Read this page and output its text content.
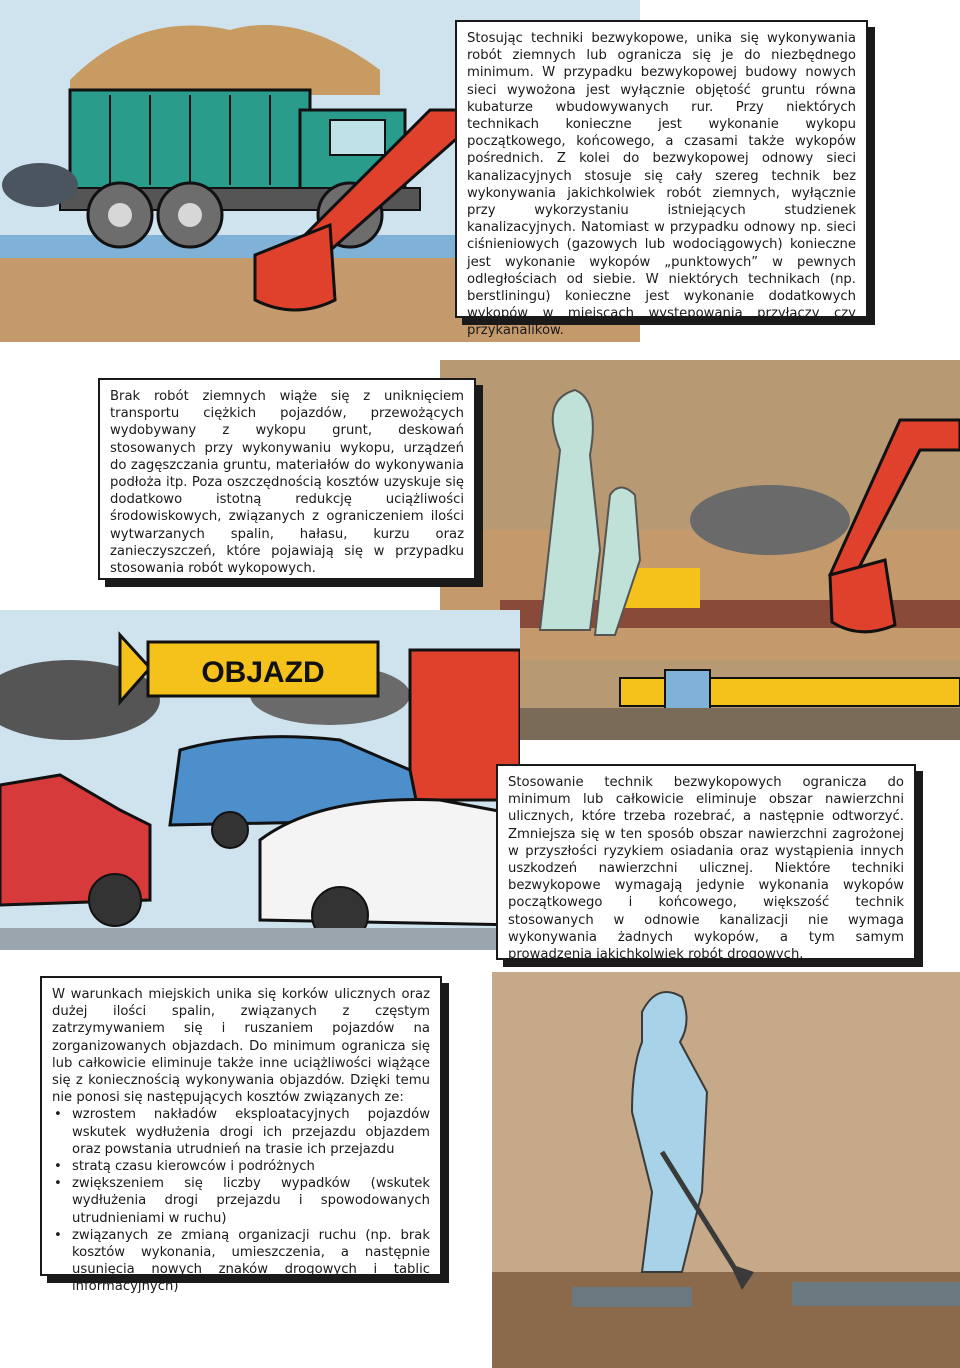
OBJAZD

Stosując techniki bezwykopowe, unika się wykonywania robót ziemnych lub ogranicza się je do niezbędnego minimum. W przypadku bezwykopowej budowy nowych sieci wywożona jest wyłącznie objętość gruntu równa kubaturze wbudowywanych rur. Przy niektórych technikach konieczne jest wykonanie wykopu początkowego, końcowego, a czasami także wykopów pośrednich. Z kolei do bezwykopowej odnowy sieci kanalizacyjnych stosuje się cały szereg technik bez wykonywania jakichkolwiek robót ziemnych, wyłącznie przy wykorzystaniu istniejących studzienek kanalizacyjnych. Natomiast w przypadku odnowy np. sieci ciśnieniowych (gazowych lub wodociągowych) konieczne jest wykonanie wykopów „punktowych” w pewnych odległościach od siebie. W niektórych technikach (np. berstliningu) konieczne jest wykonanie dodatkowych wykopów w miejscach występowania przyłączy czy przykanalików.

Brak robót ziemnych wiąże się z uniknięciem transportu ciężkich pojazdów, przewożących wydobywany z wykopu grunt, deskowań stosowanych przy wykonywaniu wykopu, urządzeń do zagęszczania gruntu, materiałów do wykonywania podłoża itp. Poza oszczędnością kosztów uzyskuje się dodatkowo istotną redukcję uciążliwości środowiskowych, związanych z ograniczeniem ilości wytwarzanych spalin, hałasu, kurzu oraz zanieczyszczeń, które pojawiają się w przypadku stosowania robót wykopowych.

Stosowanie technik bezwykopowych ogranicza do minimum lub całkowicie eliminuje obszar nawierzchni ulicznych, które trzeba rozebrać, a następnie odtworzyć. Zmniejsza się w ten sposób obszar nawierzchni zagrożonej w przyszłości ryzykiem osiadania oraz wystąpienia innych uszkodzeń nawierzchni ulicznej. Niektóre techniki bezwykopowe wymagają jedynie wykonania wykopów początkowego i końcowego, większość technik stosowanych w odnowie kanalizacji nie wymaga wykonywania żadnych wykopów, a tym samym prowadzenia jakichkolwiek robót drogowych.

W warunkach miejskich unika się korków ulicznych oraz dużej ilości spalin, związanych z częstym zatrzymywaniem się i ruszaniem pojazdów na zorganizowanych objazdach. Do minimum ogranicza się lub całkowicie eliminuje także inne uciążliwości wiążące się z koniecznością wykonywania objazdów. Dzięki temu nie ponosi się następujących kosztów związanych ze:

• wzrostem nakładów eksploatacyjnych pojazdów wskutek wydłużenia drogi ich przejazdu objazdem oraz powstania utrudnień na trasie ich przejazdu
• stratą czasu kierowców i podróżnych
• zwiększeniem się liczby wypadków (wskutek wydłużenia drogi przejazdu i spowodowanych utrudnieniami w ruchu)
• związanych ze zmianą organizacji ruchu (np. brak kosztów wykonania, umieszczenia, a następnie usunięcia nowych znaków drogowych i tablic informacyjnych)
